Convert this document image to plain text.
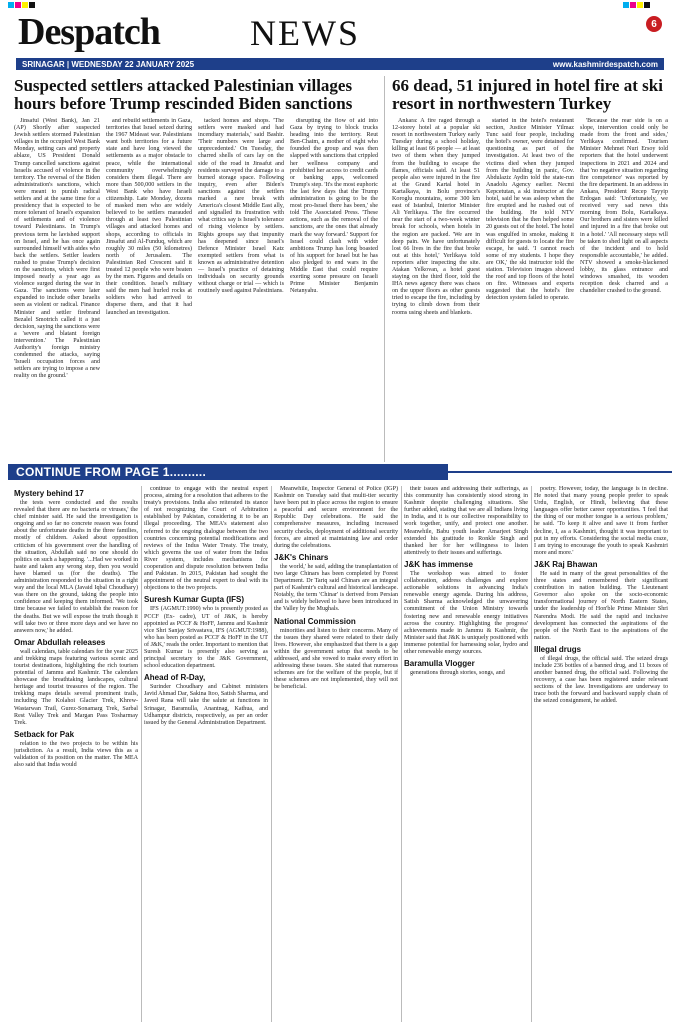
Despatch	NEWS	6
SRINAGAR | WEDNESDAY 22 JANUARY 2025	www.kashmirdespatch.com
Suspected settlers attacked Palestinian villages hours before Trump rescinded Biden sanctions

Jinsaful (West Bank), Jan 21 (AP) Shortly after suspected Jewish settlers stormed Palestinian villages in the occupied West Bank Monday, setting cars and property ablaze, US President Donald Trump cancelled sanctions against Israelis accused of violence in the territory. The reversal of the Biden administration's sanctions, which were meant to punish radical settlers and at the same time for a presidency that is expected to be more tolerant of Israel's expansion of settlements and of violence toward Palestinians. In Trump's previous term he lavished support on Israel, and he has once again surrounded himself with aides who back the settlers. Settler leaders rushed to praise Trump's decision on the sanctions, which were first imposed nearly a year ago as violence surged during the war in Gaza. The sanctions were later expanded to include other Israelis seen as violent or radical. Finance Minister and settler firebrand Bezalel Smotrich called it a just decision, saying the sanctions were a 'severe and blatant foreign intervention.' The Palestinian Authority's foreign ministry condemned the attacks, saying 'Israeli occupation forces and settlers are trying to impose a new reality on the ground.'

and rebuild settlements in Gaza, territories that Israel seized during the 1967 Mideast war. Palestinians want both territories for a future state and have long viewed the settlements as a major obstacle to peace, while the international community overwhelmingly considers them illegal. There are more than 500,000 settlers in the West Bank who have Israeli citizenship. Late Monday, dozens of masked men who are widely believed to be settlers marauded through at least two Palestinian villages and attacked homes and shops, according to officials in Jinsafut and Al-Funduq, which are roughly 30 miles (50 kilometres) north of Jerusalem. The Palestinian Red Crescent said it treated 12 people who were beaten by the men. Figures and details on their condition. Israel's military said the men had hurled rocks at soldiers who had arrived to disperse them, and that it had launched an investigation.

tacked homes and shops. 'The settlers were masked and had incendiary materials,' said Bashir. 'Their numbers were large and unprecedented.' On Tuesday, the charred shells of cars lay on the side of the road in Jinsafut and residents surveyed the damage to a burned storage space. Following inquiry, even after Biden's sanctions against the settlers marked a rare break with America's closest Middle East ally, and signalled its frustration with what critics say is Israel's tolerance of rising violence by settlers. Rights groups say that impunity has deepened since Israel's Defence Minister Israel Katz exempted settlers from what is known as administrative detention — Israel's practice of detaining individuals on security grounds without charge or trial — which is routinely used against Palestinians.

disrupting the flow of aid into Gaza by trying to block trucks heading into the territory. Reut Ben-Chaim, a mother of eight who founded the group and was then slapped with sanctions that crippled her wellness company and prohibited her access to credit cards or banking apps, welcomed Trump's step. 'It's the most euphoric the last few days that the Trump administration is going to be the most pro-Israel there has been,' she told The Associated Press. 'These actions, such as the removal of the sanctions, are the ones that already mark the way forward.' Support for Israel could clash with wider ambitions Trump has long boasted of his support for Israel but he has also pledged to end wars in the Middle East that could require exerting some pressure on Israeli Prime Minister Benjamin Netanyahu.

66 dead, 51 injured in hotel fire at ski resort in northwestern Turkey

Ankara: A fire raged through a 12-storey hotel at a popular ski resort in northwestern Turkey early Tuesday during a school holiday, killing at least 66 people — at least two of them when they jumped from the building to escape the flames, officials said. At least 51 people also were injured in the fire at the Grand Kartal hotel in Kartalkaya, in Bolu province's Koroglu mountains, some 300 km east of Istanbul, Interior Minister Ali Yerlikaya. The fire occurred near the start of a two-week winter break for schools, when hotels in the region are packed. 'We are in deep pain. We have unfortunately lost 66 lives in the fire that broke out at this hotel,' Yerlikaya told reporters after inspecting the site. Atakan Yelkovan, a hotel guest staying on the third floor, told the IHA news agency there was chaos on the upper floors as other guests tried to escape the fire, including by trying to climb down from their rooms using sheets and blankets.

started in the hotel's restaurant section, Justice Minister Yilmaz Tunc said four people, including the hotel's owner, were detained for questioning as part of the investigation. At least two of the victims died when they jumped from the building in panic, Gov. Abdulaziz Aydin told the state-run Anadolu Agency earlier. Necmi Kepcetutan, a ski instructor at the hotel, said he was asleep when the fire erupted and he rushed out of the building. He told NTV television that he then helped some 20 guests out of the hotel. The hotel was engulfed in smoke, making it difficult for guests to locate the fire escape, he said. 'I cannot reach some of my students. I hope they are OK,' the ski instructor told the station. Television images showed the roof and top floors of the hotel on fire. Witnesses and experts suggested that the hotel's fire detection system failed to operate.

'Because the rear side is on a slope, intervention could only be made from the front and sides,' Yerlikaya confirmed. Tourism Minister Mehmet Nuri Ersoy told reporters that the hotel underwent inspections in 2021 and 2024 and that 'no negative situation regarding fire competence' was reported by the fire department. In an address in Ankara, President Recep Tayyip Erdogan said: 'Unfortunately, we received very sad news this morning from Bolu, Kartalkaya. Our brothers and sisters were killed and injured in a fire that broke out in a hotel.' 'All necessary steps will be taken to shed light on all aspects of the incident and to hold responsible accountable,' he added. NTV showed a smoke-blackened lobby, its glass entrance and windows smashed, its wooden reception desk charred and a chandelier crashed to the ground.

CONTINUE FROM PAGE 1..........
Mystery behind 17

the tests were conducted and the results revealed that there are no bacteria or viruses,' the chief minister said. He said the investigation is ongoing and so far no concrete reason was found about the unfortunate deaths in the three families, mostly of children. Asked about opposition criticism of his government over the handling of the situation, Abdullah said no one should do politics on such a happening. '...Had we worked in haste and taken any wrong step, then you would have blamed us (for the deaths). The administration responded to the situation in a right way and the local MLA (Javaid Iqbal Choudhary) was there on the ground, taking the people into confidence and keeping them informed. 'We took time because we failed to establish the reason for the deaths. But we will expose the truth though it will take two or three more days and we have no answers now,' he added.

Omar Abdullah releases

wall calendars, table calendars for the year 2025 and trekking maps featuring various scenic and tourist destinations, highlighting the rich tourism potential of Jammu and Kashmir. The calendars showcase the breathtaking landscapes, cultural heritage and tourist treasures of the region. The trekking maps details several prominent trails, including The Kolahoi Glacier Trek, Khrew-Wastarwan Trail, Gurez-Sonamarg Trek, Sarbal Rest Valley Trek and Margan Pass Tosharmay Trek.

Setback for Pak

relation to the two projects to be within his jurisdiction. As a result, India views this as a validation of its position on the matter. The MEA also said that India would

continue to engage with the neutral expert process, aiming for a resolution that adheres to the treaty's provisions. India also reiterated its stance of not recognizing the Court of Arbitration established by Pakistan, considering it to be an illegal proceeding. The MEA's statement also referred to the ongoing dialogue between the two countries concerning potential modifications and reviews of the Indus Water Treaty. The treaty, which governs the use of water from the Indus River system, includes mechanisms for cooperation and dispute resolution between India and Pakistan. In 2015, Pakistan had sought the appointment of the neutral expert to deal with its objections to the two projects.

Suresh Kumar Gupta (IFS)

IFS (AGMUT:1990) who is presently posted as PCCF (Ex- cadre), UT of J&K, is hereby appointed as PCCF & HoFF, Jammu and Kashmir vice Shri Sanjay Srivastava, IFS (AGMUT:1988), who has been posted as PCCF & HoFF in the UT of J&K,' reads the order. Important to mention that Suresh Kumar is presently also serving as principal secretary to the J&K Government, school education department.

Ahead of R-Day,

Surinder Choudhary and Cabinet ministers Javid Ahmad Dar, Sakina Itoo, Satish Sharma, and Javed Rana will take the salute at functions in Srinagar, Baramulla, Anantnag, Kathua, and Udhampur districts, respectively, as per an order issued by the General Administration Department.

Meanwhile, Inspector General of Police (IGP) Kashmir on Tuesday said that multi-tier security have been put in place across the region to ensure a peaceful and secure environment for the Republic Day celebrations. He said the comprehensive measures, including increased security checks, deployment of additional security forces, are aimed at maintaining law and order during the celebrations.

J&K's Chinars

the world,' he said, adding the transplantation of two large Chinars has been completed by Forest Department. Dr Tariq said Chinars are an integral part of Kashmir's cultural and historical landscape. Notably, the term 'Chinar' is derived from Persian and is widely believed to have been introduced in the Valley by the Mughals.

National Commission

minorities and listen to their concerns. Many of the issues they shared were related to their daily lives. However, she emphasized that there is a gap within the government setup that needs to be addressed, and she vowed to make every effort in addressing these issues. She stated that numerous schemes are for the welfare of the people, but if these schemes are not implemented, they will not be beneficial.

their issues and addressing their sufferings, as this community has consistently stood strong in Kashmir despite challenging situations. She further added, stating that we are all Indians living in India, and it is our collective responsibility to work together, unify, and protect one another. Meanwhile, Babu youth leader Amarjeet Singh extended his gratitude to Ronkle Singh and thanked her for her willingness to listen attentively to their issues and sufferings.

J&K has immense

The workshop was aimed to foster collaboration, address challenges and explore actionable solutions in advancing India's renewable energy agenda. During his address, Satish Sharma acknowledged the unwavering commitment of the Union Ministry towards fostering new and renewable energy initiatives across the country. Highlighting the progress' achievements made in Jammu & Kashmir, the Minister said that J&K is uniquely positioned with immense potential for harnessing solar, hydro and other renewable energy sources.

Baramulla Vlogger

generations through stories, songs, and

poetry. However, today, the language is in decline. He noted that many young people prefer to speak Urdu, English, or Hindi, believing that these languages offer better career opportunities. 'I feel that the thing of our mother tongue is a serious problem,' he said. 'To keep it alive and save it from further decline, I, as a Kashmiri, thought it was important to put in my efforts. Considering the social media craze, I am trying to encourage the youth to speak Kashmiri more and more.'

J&K Raj Bhawan

He said in many of the great personalities of the three states and remembered their significant contribution in nation building. The Lieutenant Governor also spoke on the socio-economic transformational journey of North Eastern States, under the leadership of Hon'ble Prime Minister Shri Narendra Modi. He said the rapid and inclusive development has connected the aspirations of the people of the North East to the aspirations of the nation.

Illegal drugs

of illegal drugs, the official said. The seized drugs include 236 bottles of a banned drug, and 11 boxes of another banned drug, the official said. Following the recovery, a case has been registered under relevant sections of the law. Investigations are underway to trace both the forward and backward supply chain of the seized consignment, he added.
